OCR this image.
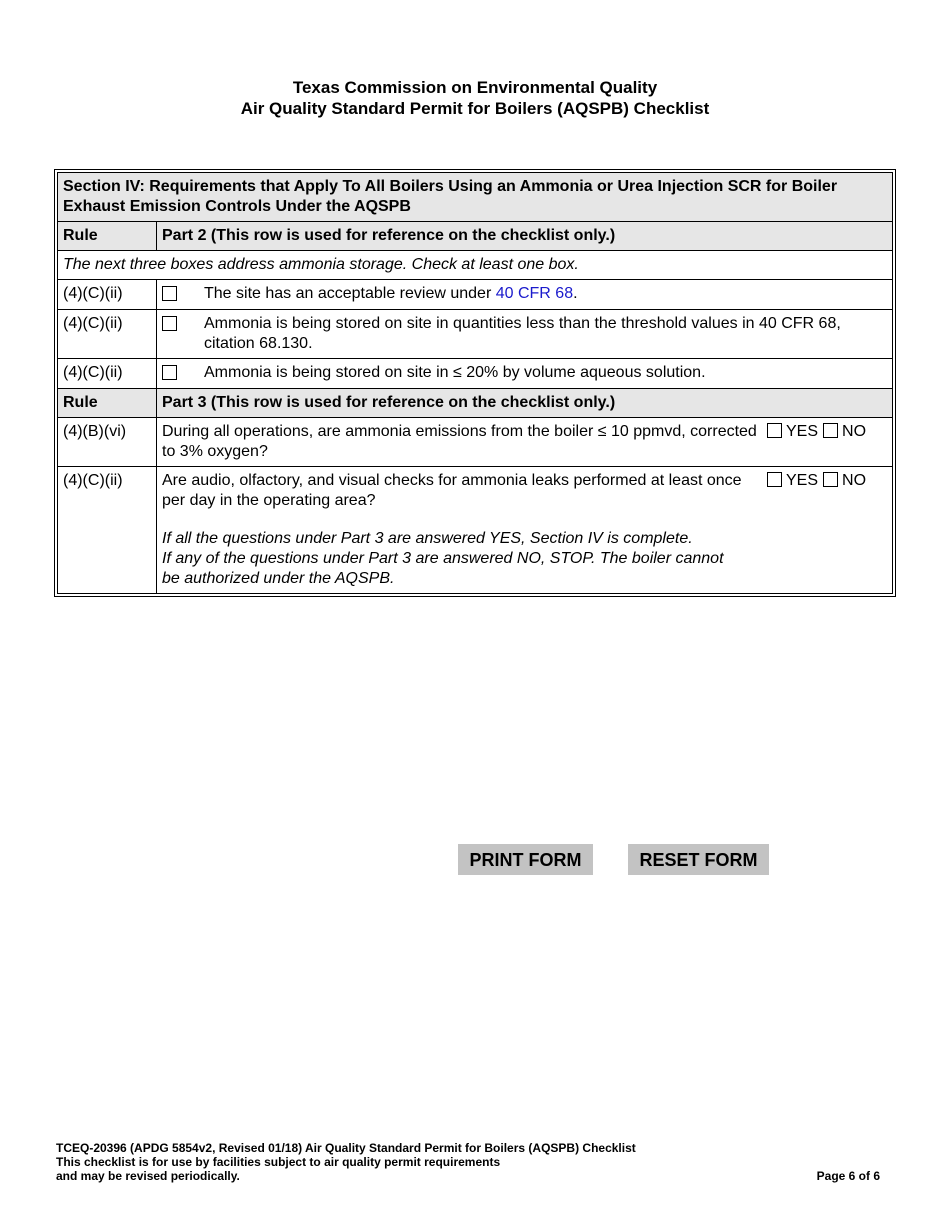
Texas Commission on Environmental Quality
Air Quality Standard Permit for Boilers (AQSPB) Checklist
Section IV: Requirements that Apply To All Boilers Using an Ammonia or Urea Injection SCR for Boiler Exhaust Emission Controls Under the AQSPB	
Rule	Part 2 (This row is used for reference on the checklist only.)
The next three boxes address ammonia storage. Check at least one box.	
(4)(C)(ii)	The site has an acceptable review under 40 CFR 68.

(4)(C)(ii)	Ammonia is being stored on site in quantities less than the threshold values in 40 CFR 68, citation 68.130.

(4)(C)(ii)	Ammonia is being stored on site in ≤ 20% by volume aqueous solution.

Rule	Part 3 (This row is used for reference on the checklist only.)
(4)(B)(vi)	During all operations, are ammonia emissions from the boiler ≤ 10 ppmvd, corrected to 3% oxygen?
YES NO

(4)(C)(ii)	Are audio, olfactory, and visual checks for ammonia leaks performed at least once per day in the operating area?
YES NO
If all the questions under Part 3 are answered YES, Section IV is complete.
If any of the questions under Part 3 are answered NO, STOP. The boiler cannot be authorized under the AQSPB.
PRINT FORM	RESET FORM
TCEQ-20396 (APDG 5854v2, Revised 01/18) Air Quality Standard Permit for Boilers (AQSPB) Checklist
This checklist is for use by facilities subject to air quality permit requirements
and may be revised periodically.	Page 6 of 6
